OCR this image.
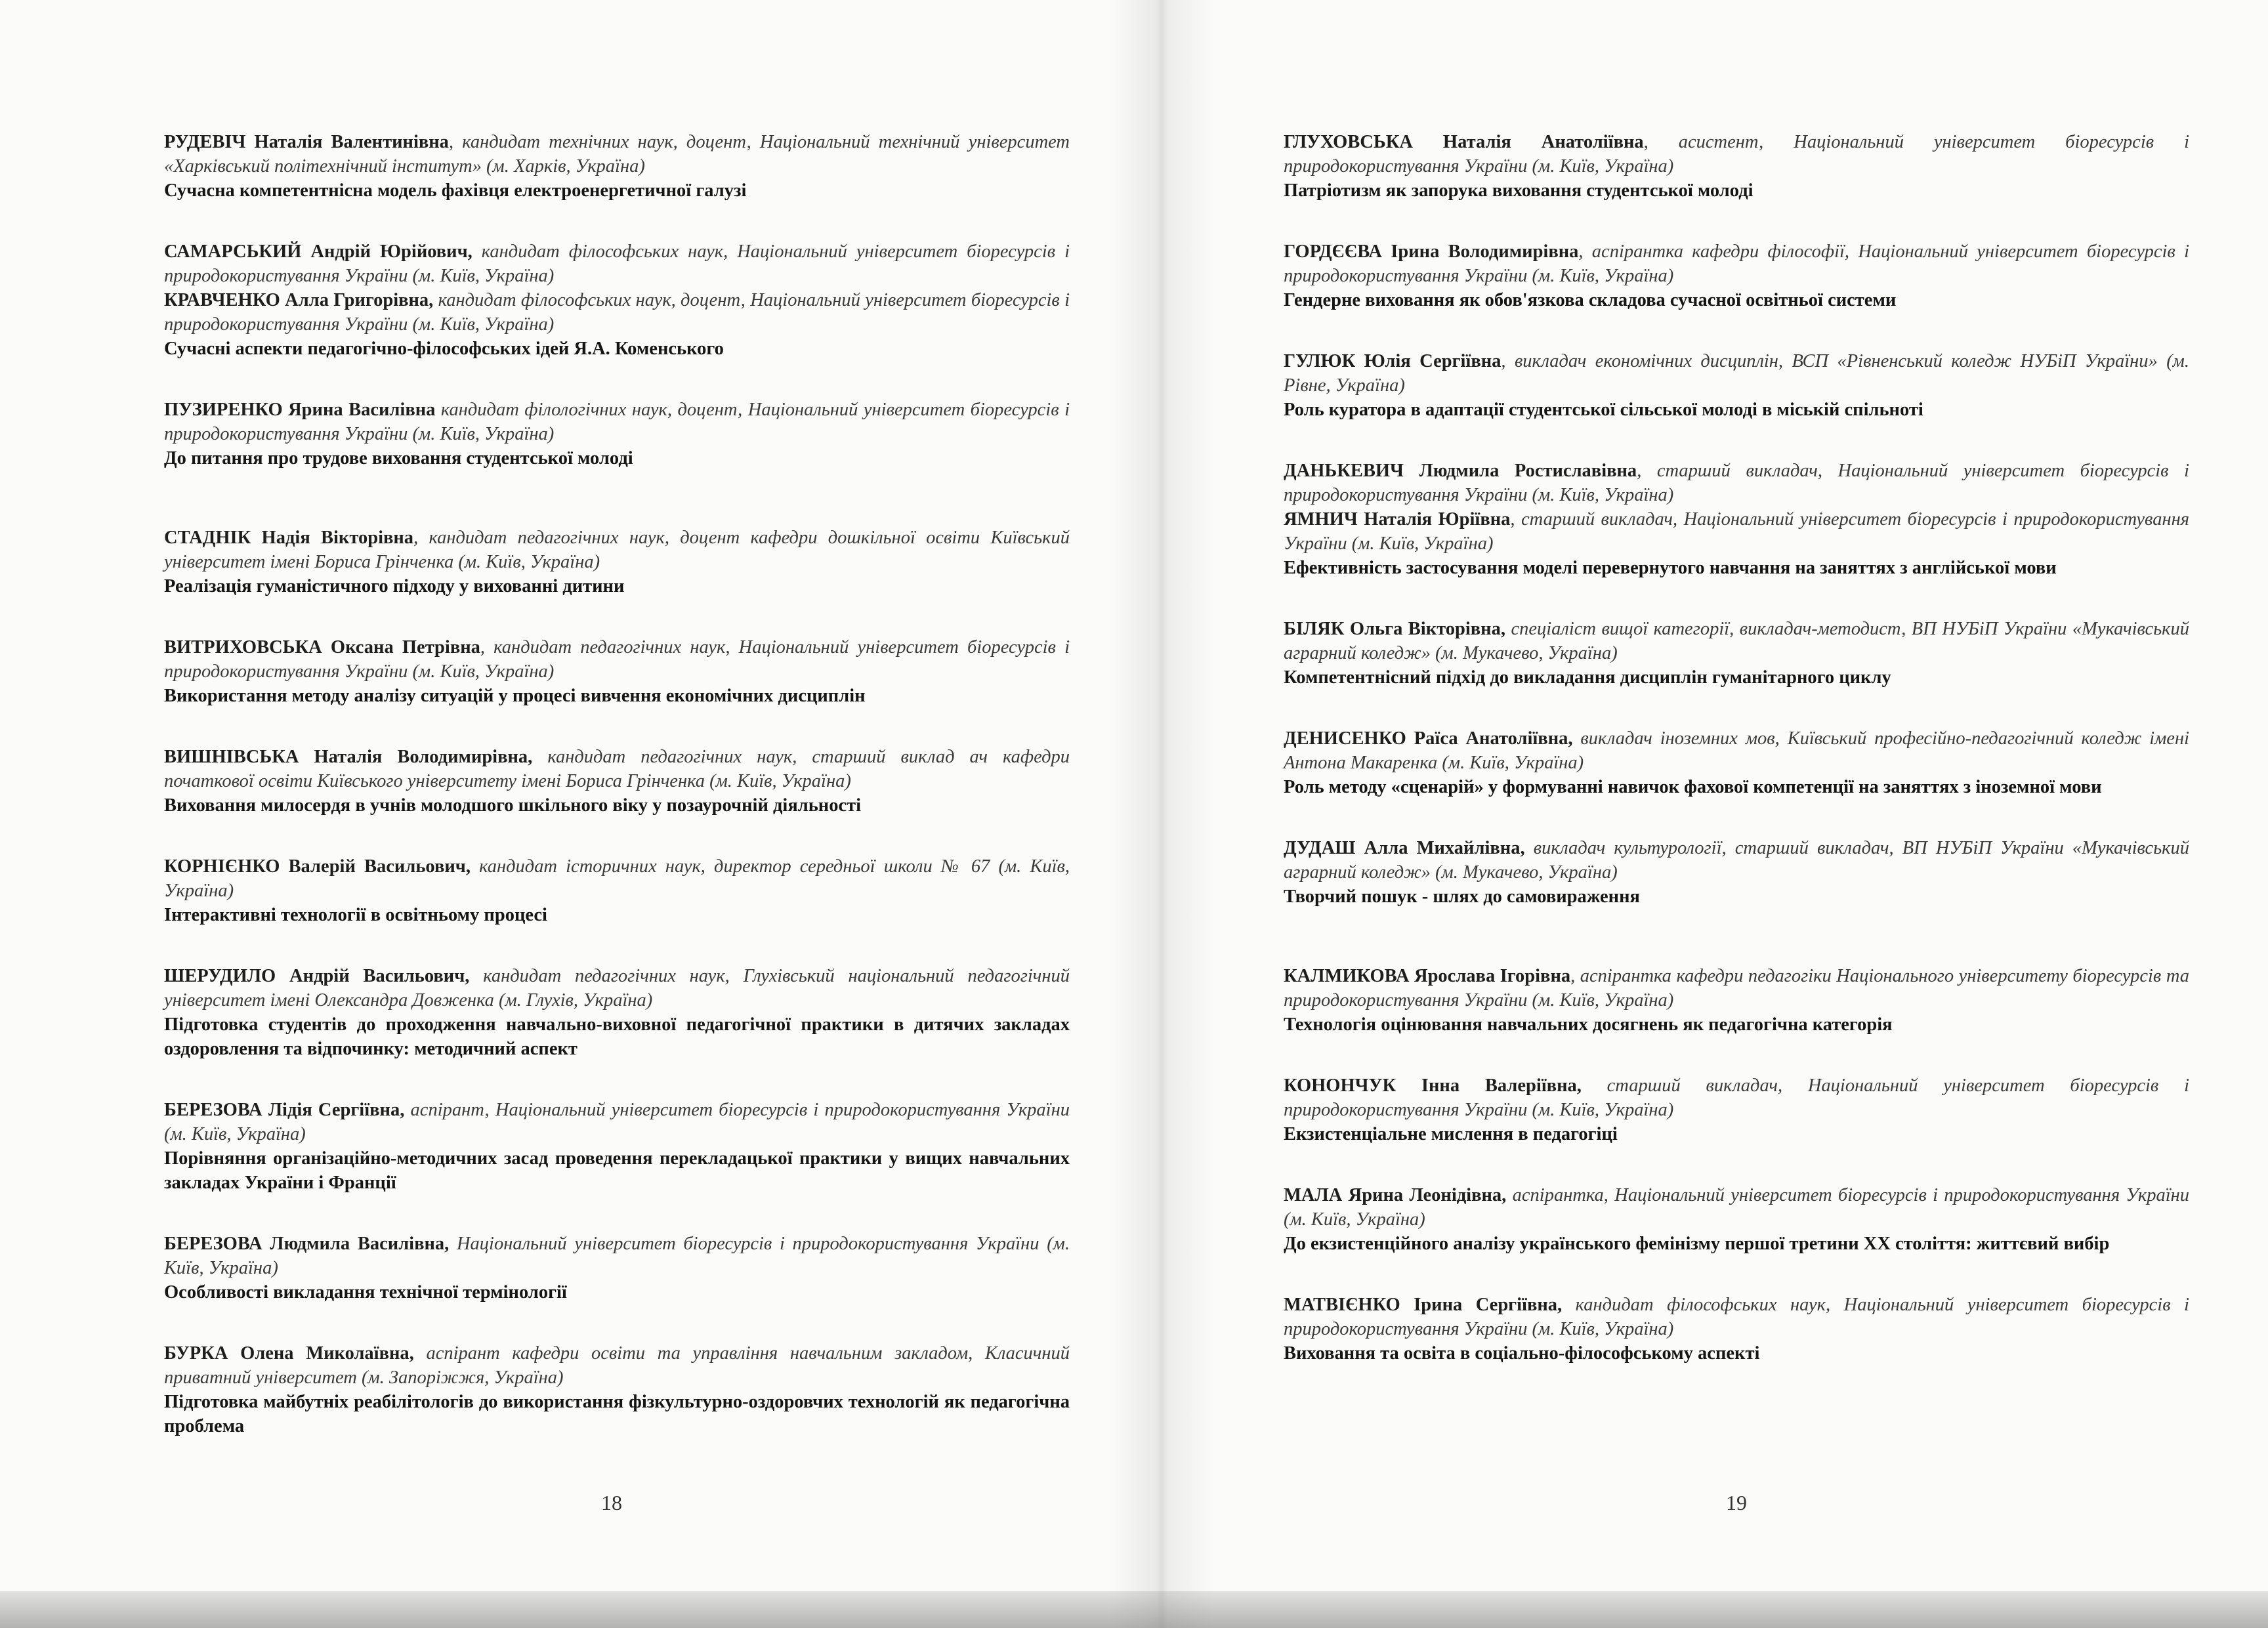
РУДЕВІЧ Наталія Валентинівна, кандидат технічних наук, доцент, Національний технічний університет «Харківський політехнічний інститут» (м. Харків, Україна)
Сучасна компетентнісна модель фахівця електроенергетичної галузі
САМАРСЬКИЙ Андрій Юрійович, кандидат філософських наук, Національний університет біоресурсів і природокористування України (м. Київ, Україна)
КРАВЧЕНКО Алла Григорівна, кандидат філософських наук, доцент, Національний університет біоресурсів і природокористування України (м. Київ, Україна)
Сучасні аспекти педагогічно-філософських ідей Я.А. Коменського
ПУЗИРЕНКО Ярина Василівна кандидат філологічних наук, доцент, Національний університет біоресурсів і природокористування України (м. Київ, Україна)
До питання про трудове виховання студентської молоді
СТАДНІК Надія Вікторівна, кандидат педагогічних наук, доцент кафедри дошкільної освіти Київський університет імені Бориса Грінченка (м. Київ, Україна)
Реалізація гуманістичного підходу у вихованні дитини
ВИТРИХОВСЬКА Оксана Петрівна, кандидат педагогічних наук, Національний університет біоресурсів і природокористування України (м. Київ, Україна)
Використання методу аналізу ситуацій у процесі вивчення економічних дисциплін
ВИШНІВСЬКА Наталія Володимирівна, кандидат педагогічних наук, старший виклад ач кафедри початкової освіти Київського університету імені Бориса Грінченка (м. Київ, Україна)
Виховання милосердя в учнів молодшого шкільного віку у позаурочній діяльності
КОРНІЄНКО Валерій Васильович, кандидат історичних наук, директор середньої школи № 67 (м. Київ, Україна)
Інтерактивні технології в освітньому процесі
ШЕРУДИЛО Андрій Васильович, кандидат педагогічних наук, Глухівський національний педагогічний університет імені Олександра Довженка (м. Глухів, Україна)
Підготовка студентів до проходження навчально-виховної педагогічної практики в дитячих закладах оздоровлення та відпочинку: методичний аспект
БЕРЕЗОВА Лідія Сергіївна, аспірант, Національний університет біоресурсів і природокористування України (м. Київ, Україна)
Порівняння організаційно-методичних засад проведення перекладацької практики у вищих навчальних закладах України і Франції
БЕРЕЗОВА Людмила Василівна, Національний університет біоресурсів і природокористування України (м. Київ, Україна)
Особливості викладання технічної термінології
БУРКА Олена Миколаївна, аспірант кафедри освіти та управління навчальним закладом, Класичний приватний університет (м. Запоріжжя, Україна)
Підготовка майбутніх реабілітологів до використання фізкультурно-оздоровчих технологій як педагогічна проблема
18
ГЛУХОВСЬКА Наталія Анатоліївна, асистент, Національний університет біоресурсів і природокористування України (м. Київ, Україна)
Патріотизм як запорука виховання студентської молоді
ГОРДЄЄВА Ірина Володимирівна, аспірантка кафедри філософії, Національний університет біоресурсів і природокористування України (м. Київ, Україна)
Гендерне виховання як обов'язкова складова сучасної освітньої системи
ГУЛЮК Юлія Сергіївна, викладач економічних дисциплін, ВСП «Рівненський коледж НУБіП України» (м. Рівне, Україна)
Роль куратора в адаптації студентської сільської молоді в міській спільноті
ДАНЬКЕВИЧ Людмила Ростиславівна, старший викладач, Національний університет біоресурсів і природокористування України (м. Київ, Україна)
ЯМНИЧ Наталія Юріївна, старший викладач, Національний університет біоресурсів і природокористування України (м. Київ, Україна)
Ефективність застосування моделі перевернутого навчання на заняттях з англійської мови
БІЛЯК Ольга Вікторівна, спеціаліст вищої категорії, викладач-методист, ВП НУБіП України «Мукачівський аграрний коледж» (м. Мукачево, Україна)
Компетентнісний підхід до викладання дисциплін гуманітарного циклу
ДЕНИСЕНКО Раїса Анатоліївна, викладач іноземних мов, Київський професійно-педагогічний коледж імені Антона Макаренка (м. Київ, Україна)
Роль методу «сценарій» у формуванні навичок фахової компетенції на заняттях з іноземної мови
ДУДАШ Алла Михайлівна, викладач культурології, старший викладач, ВП НУБіП України «Мукачівський аграрний коледж» (м. Мукачево, Україна)
Творчий пошук - шлях до самовираження
КАЛМИКОВА Ярослава Ігорівна, аспірантка кафедри педагогіки Національного університету біоресурсів та природокористування України (м. Київ, Україна)
Технологія оцінювання навчальних досягнень як педагогічна категорія
КОНОНЧУК Інна Валеріївна, старший викладач, Національний університет біоресурсів і природокористування України (м. Київ, Україна)
Екзистенціальне мислення в педагогіці
МАЛА Ярина Леонідівна, аспірантка, Національний університет біоресурсів і природокористування України (м. Київ, Україна)
До екзистенційного аналізу українського фемінізму першої третини XX століття: життєвий вибір
МАТВІЄНКО Ірина Сергіївна, кандидат філософських наук, Національний університет біоресурсів і природокористування України (м. Київ, Україна)
Виховання та освіта в соціально-філософському аспекті
19
